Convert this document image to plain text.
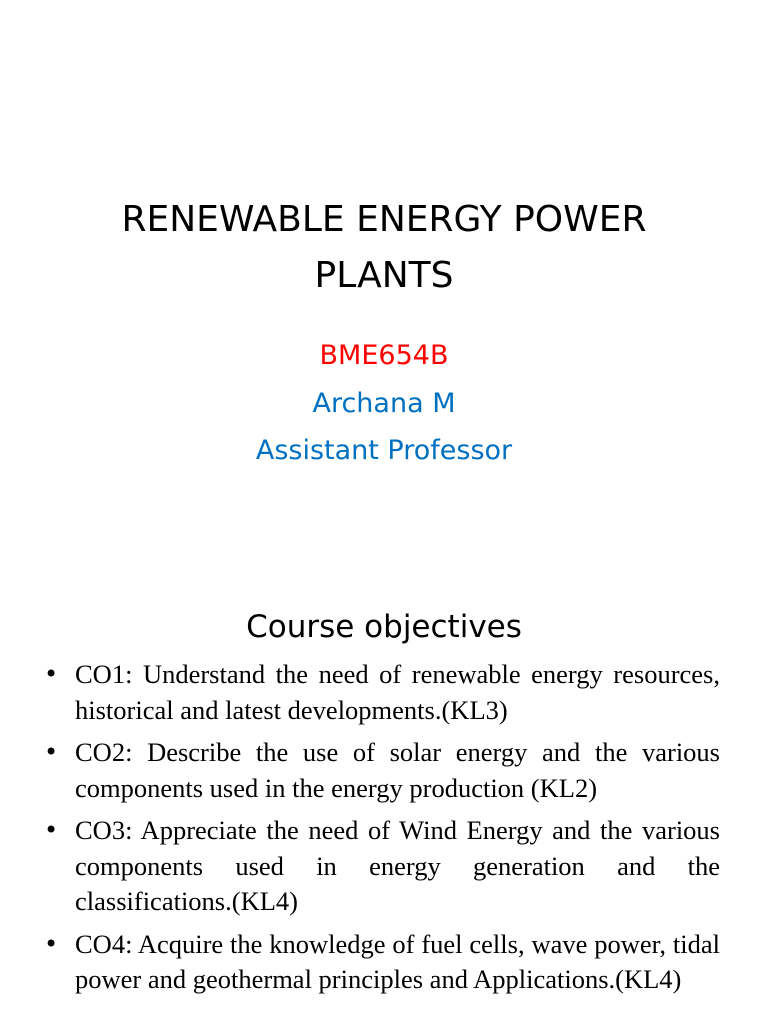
RENEWABLE ENERGY POWER PLANTS
BME654B
Archana M
Assistant Professor
Course objectives
• CO1: Understand the need of renewable energy resources, historical and latest developments.(KL3)
• CO2: Describe the use of solar energy and the various components used in the energy production (KL2)
• CO3: Appreciate the need of Wind Energy and the various components used in energy generation and the classifications.(KL4)
• CO4: Acquire the knowledge of fuel cells, wave power, tidal power and geothermal principles and Applications.(KL4)
